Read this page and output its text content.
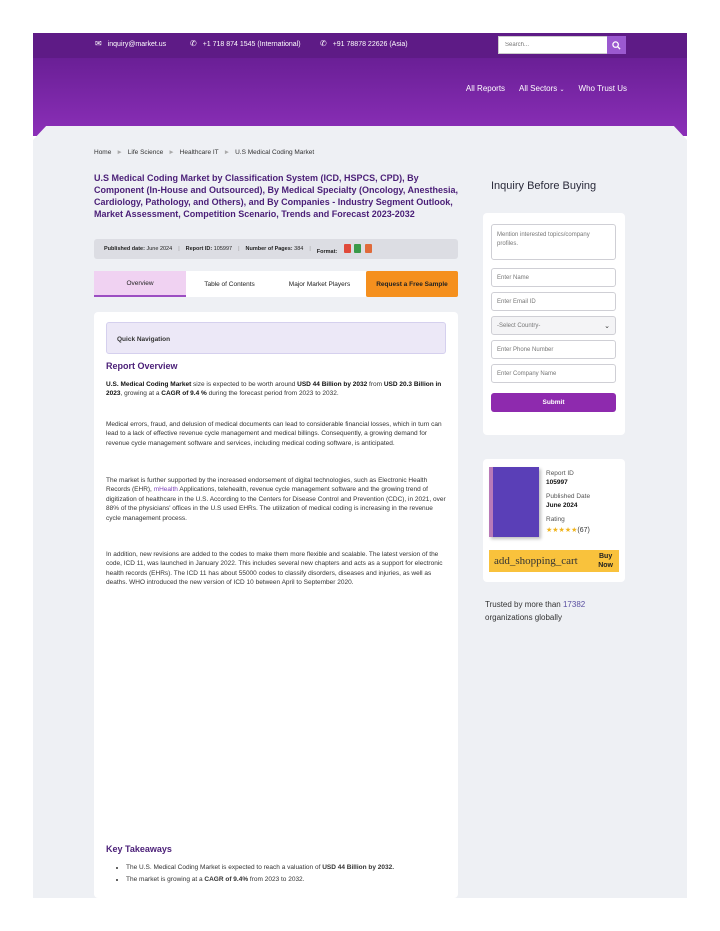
✉ inquiry@market.us	✆ +1 718 874 1545 (International) ✆ +91 78878 22626 (Asia)
Search...
All Reports All Sectors ⌄ Who Trust Us
Home ► Life Science ► Healthcare IT ► U.S Medical Coding Market
U.S Medical Coding Market by Classification System (ICD, HSPCS, CPD), By Component (In-House and Outsourced), By Medical Specialty (Oncology, Anesthesia, Cardiology, Pathology, and Others), and By Companies - Industry Segment Outlook, Market Assessment, Competition Scenario, Trends and Forecast 2023-2032
Published date: June 2024 | Report ID: 105997 | Number of Pages: 384 | Format:
Overview	Table of Contents	Major Market Players	Request a Free Sample
Quick Navigation
Report Overview
U.S. Medical Coding Market size is expected to be worth around USD 44 Billion by 2032 from USD 20.3 Billion in 2023, growing at a CAGR of 9.4 % during the forecast period from 2023 to 2032.
Medical errors, fraud, and delusion of medical documents can lead to considerable financial losses, which in turn can lead to a lack of effective revenue cycle management and medical billings. Consequently, a growing demand for revenue cycle management software and services, including medical coding software, is anticipated.
The market is further supported by the increased endorsement of digital technologies, such as Electronic Health Records (EHR), mHealth Applications, telehealth, revenue cycle management software and the growing trend of digitization of healthcare in the U.S. According to the Centers for Disease Control and Prevention (CDC), in 2021, over 88% of the physicians' offices in the U.S used EHRs. The utilization of medical coding is increasing in the revenue cycle management process.
In addition, new revisions are added to the codes to make them more flexible and scalable. The latest version of the code, ICD 11, was launched in January 2022. This includes several new chapters and acts as a support for electronic health records (EHRs). The ICD 11 has about 55000 codes to classify disorders, diseases and injuries, as well as deaths. WHO introduced the new version of ICD 10 between April to September 2020.
Key Takeaways
• The U.S. Medical Coding Market is expected to reach a valuation of USD 44 Billion by 2032.
• The market is growing at a CAGR of 9.4% from 2023 to 2032.
Inquiry Before Buying
Mention interested topics/company profiles.
Enter Name
Enter Email ID
-Select Country-	⌄
Enter Phone Number
Enter Company Name
Submit
Report ID
105997
Published Date
June 2024
Rating
★★★★★(67)
add_shopping_cart	Buy
Now
Trusted by more than 17382 organizations globally
